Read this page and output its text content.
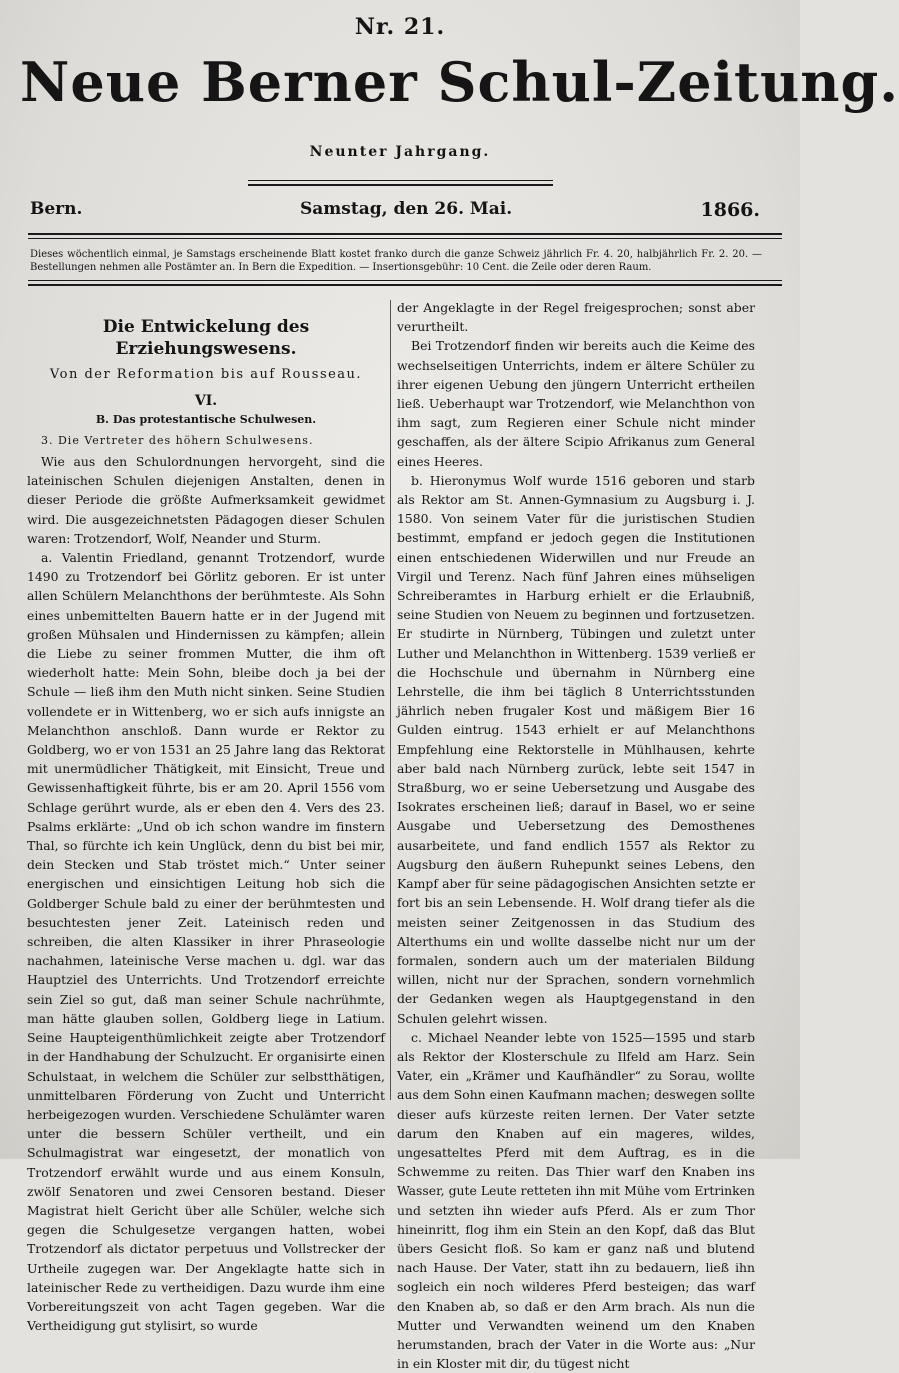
Nr. 21.
Neue Berner Schul-Zeitung.
Neunter Jahrgang.
Bern.	Samstag, den 26. Mai.	1866.
Dieses wöchentlich einmal, je Samstags erscheinende Blatt kostet franko durch die ganze Schweiz jährlich Fr. 4. 20, halbjährlich Fr. 2. 20. — Bestellungen nehmen alle Postämter an. In Bern die Expedition. — Insertionsgebühr: 10 Cent. die Zeile oder deren Raum.
Die Entwickelung des Erziehungswesens.
Von der Reformation bis auf Rousseau.
VI.
B. Das protestantische Schulwesen.
3. Die Vertreter des höhern Schulwesens.

Wie aus den Schulordnungen hervorgeht, sind die lateinischen Schulen diejenigen Anstalten, denen in dieser Periode die größte Aufmerksamkeit gewidmet wird. Die ausgezeichnetsten Pädagogen dieser Schulen waren: Trotzendorf, Wolf, Neander und Sturm.

a. Valentin Friedland, genannt Trotzendorf, wurde 1490 zu Trotzendorf bei Görlitz geboren. Er ist unter allen Schülern Melanchthons der berühmteste. Als Sohn eines unbemittelten Bauern hatte er in der Jugend mit großen Mühsalen und Hindernissen zu kämpfen; allein die Liebe zu seiner frommen Mutter, die ihm oft wiederholt hatte: Mein Sohn, bleibe doch ja bei der Schule — ließ ihm den Muth nicht sinken. Seine Studien vollendete er in Wittenberg, wo er sich aufs innigste an Melanchthon anschloß. Dann wurde er Rektor zu Goldberg, wo er von 1531 an 25 Jahre lang das Rektorat mit unermüdlicher Thätigkeit, mit Einsicht, Treue und Gewissenhaftigkeit führte, bis er am 20. April 1556 vom Schlage gerührt wurde, als er eben den 4. Vers des 23. Psalms erklärte: „Und ob ich schon wandre im finstern Thal, so fürchte ich kein Unglück, denn du bist bei mir, dein Stecken und Stab tröstet mich.“ Unter seiner energischen und einsichtigen Leitung hob sich die Goldberger Schule bald zu einer der berühmtesten und besuchtesten jener Zeit. Lateinisch reden und schreiben, die alten Klassiker in ihrer Phraseologie nachahmen, lateinische Verse machen u. dgl. war das Hauptziel des Unterrichts. Und Trotzendorf erreichte sein Ziel so gut, daß man seiner Schule nachrühmte, man hätte glauben sollen, Goldberg liege in Latium. Seine Haupteigenthümlichkeit zeigte aber Trotzendorf in der Handhabung der Schulzucht. Er organisirte einen Schulstaat, in welchem die Schüler zur selbstthätigen, unmittelbaren Förderung von Zucht und Unterricht herbeigezogen wurden. Verschiedene Schulämter waren unter die bessern Schüler vertheilt, und ein Schulmagistrat war eingesetzt, der monatlich von Trotzendorf erwählt wurde und aus einem Konsuln, zwölf Senatoren und zwei Censoren bestand. Dieser Magistrat hielt Gericht über alle Schüler, welche sich gegen die Schulgesetze vergangen hatten, wobei Trotzendorf als dictator perpetuus und Vollstrecker der Urtheile zugegen war. Der Angeklagte hatte sich in lateinischer Rede zu vertheidigen. Dazu wurde ihm eine Vorbereitungszeit von acht Tagen gegeben. War die Vertheidigung gut stylisirt, so wurde

der Angeklagte in der Regel freigesprochen; sonst aber verurtheilt.

Bei Trotzendorf finden wir bereits auch die Keime des wechselseitigen Unterrichts, indem er ältere Schüler zu ihrer eigenen Uebung den jüngern Unterricht ertheilen ließ. Ueberhaupt war Trotzendorf, wie Melanchthon von ihm sagt, zum Regieren einer Schule nicht minder geschaffen, als der ältere Scipio Afrikanus zum General eines Heeres.

b. Hieronymus Wolf wurde 1516 geboren und starb als Rektor am St. Annen-Gymnasium zu Augsburg i. J. 1580. Von seinem Vater für die juristischen Studien bestimmt, empfand er jedoch gegen die Institutionen einen entschiedenen Widerwillen und nur Freude an Virgil und Terenz. Nach fünf Jahren eines mühseligen Schreiberamtes in Harburg erhielt er die Erlaubniß, seine Studien von Neuem zu beginnen und fortzusetzen. Er studirte in Nürnberg, Tübingen und zuletzt unter Luther und Melanchthon in Wittenberg. 1539 verließ er die Hochschule und übernahm in Nürnberg eine Lehrstelle, die ihm bei täglich 8 Unterrichtsstunden jährlich neben frugaler Kost und mäßigem Bier 16 Gulden eintrug. 1543 erhielt er auf Melanchthons Empfehlung eine Rektorstelle in Mühlhausen, kehrte aber bald nach Nürnberg zurück, lebte seit 1547 in Straßburg, wo er seine Uebersetzung und Ausgabe des Isokrates erscheinen ließ; darauf in Basel, wo er seine Ausgabe und Uebersetzung des Demosthenes ausarbeitete, und fand endlich 1557 als Rektor zu Augsburg den äußern Ruhepunkt seines Lebens, den Kampf aber für seine pädagogischen Ansichten setzte er fort bis an sein Lebensende. H. Wolf drang tiefer als die meisten seiner Zeitgenossen in das Studium des Alterthums ein und wollte dasselbe nicht nur um der formalen, sondern auch um der materialen Bildung willen, nicht nur der Sprachen, sondern vornehmlich der Gedanken wegen als Hauptgegenstand in den Schulen gelehrt wissen.

c. Michael Neander lebte von 1525—1595 und starb als Rektor der Klosterschule zu Ilfeld am Harz. Sein Vater, ein „Krämer und Kaufhändler“ zu Sorau, wollte aus dem Sohn einen Kaufmann machen; deswegen sollte dieser aufs kürzeste reiten lernen. Der Vater setzte darum den Knaben auf ein mageres, wildes, ungesatteltes Pferd mit dem Auftrag, es in die Schwemme zu reiten. Das Thier warf den Knaben ins Wasser, gute Leute retteten ihn mit Mühe vom Ertrinken und setzten ihn wieder aufs Pferd. Als er zum Thor hineinritt, flog ihm ein Stein an den Kopf, daß das Blut übers Gesicht floß. So kam er ganz naß und blutend nach Hause. Der Vater, statt ihn zu bedauern, ließ ihn sogleich ein noch wilderes Pferd besteigen; das warf den Knaben ab, so daß er den Arm brach. Als nun die Mutter und Verwandten weinend um den Knaben herumstanden, brach der Vater in die Worte aus: „Nur in ein Kloster mit dir, du tügest nicht
